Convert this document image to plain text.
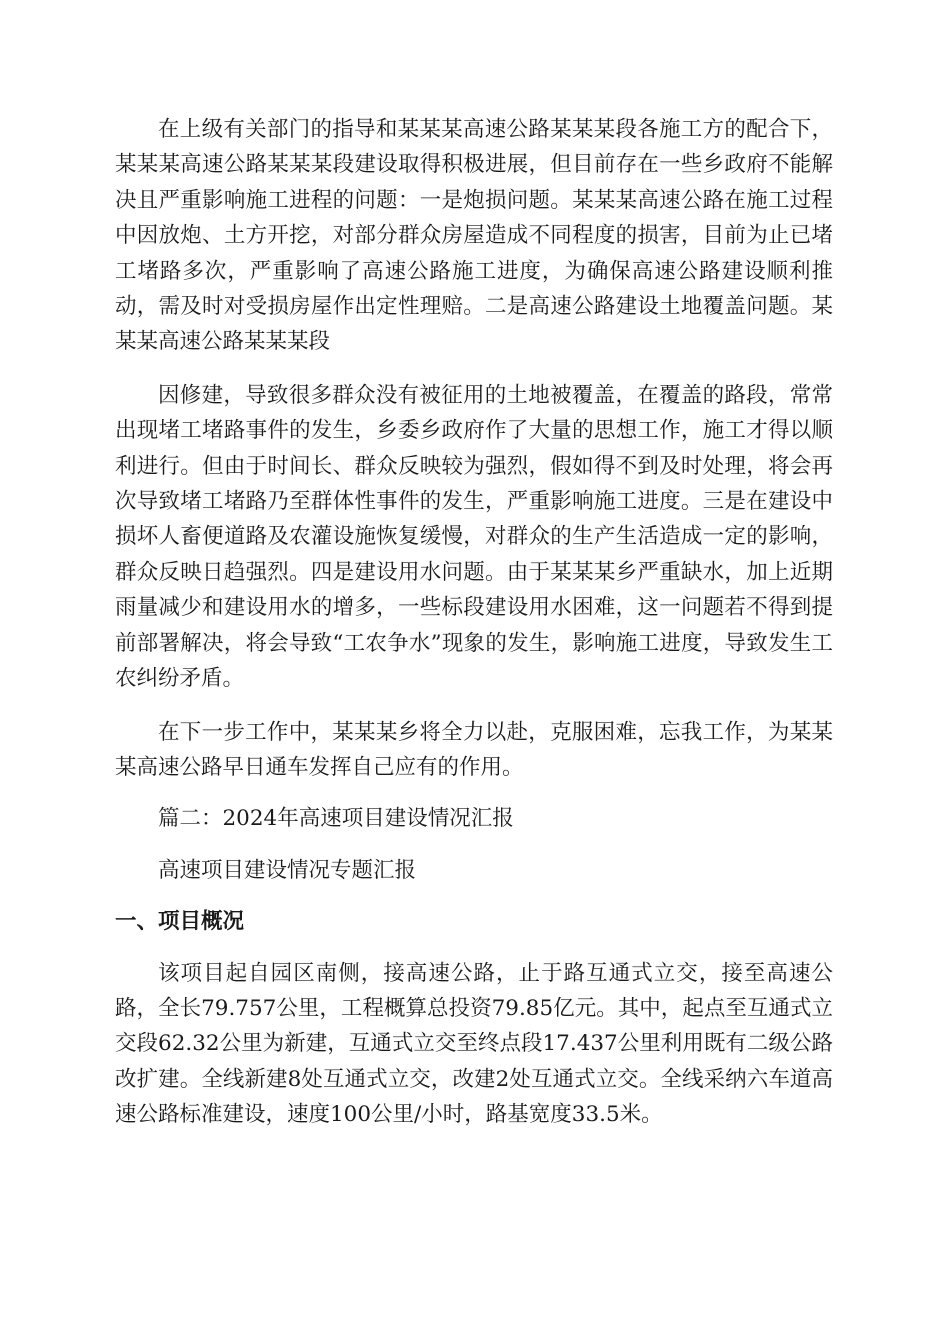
在上级有关部门的指导和某某某高速公路某某某段各施工方的配合下，某某某高速公路某某某段建设取得积极进展，但目前存在一些乡政府不能解决且严重影响施工进程的问题：一是炮损问题。某某某高速公路在施工过程中因放炮、土方开挖，对部分群众房屋造成不同程度的损害，目前为止已堵工堵路多次，严重影响了高速公路施工进度，为确保高速公路建设顺利推动，需及时对受损房屋作出定性理赔。二是高速公路建设土地覆盖问题。某某某高速公路某某某段

因修建，导致很多群众没有被征用的土地被覆盖，在覆盖的路段，常常出现堵工堵路事件的发生，乡委乡政府作了大量的思想工作，施工才得以顺利进行。但由于时间长、群众反映较为强烈，假如得不到及时处理，将会再次导致堵工堵路乃至群体性事件的发生，严重影响施工进度。三是在建设中损坏人畜便道路及农灌设施恢复缓慢，对群众的生产生活造成一定的影响，群众反映日趋强烈。四是建设用水问题。由于某某某乡严重缺水，加上近期雨量减少和建设用水的增多，一些标段建设用水困难，这一问题若不得到提前部署解决，将会导致“工农争水”现象的发生，影响施工进度，导致发生工农纠纷矛盾。

在下一步工作中，某某某乡将全力以赴，克服困难，忘我工作，为某某某高速公路早日通车发挥自己应有的作用。

篇二：2024年高速项目建设情况汇报

高速项目建设情况专题汇报

一、项目概况

该项目起自园区南侧，接高速公路，止于路互通式立交，接至高速公路，全长79.757公里，工程概算总投资79.85亿元。其中，起点至互通式立交段62.32公里为新建，互通式立交至终点段17.437公里利用既有二级公路改扩建。全线新建8处互通式立交，改建2处互通式立交。全线采纳六车道高速公路标准建设，速度100公里/小时，路基宽度33.5米。
